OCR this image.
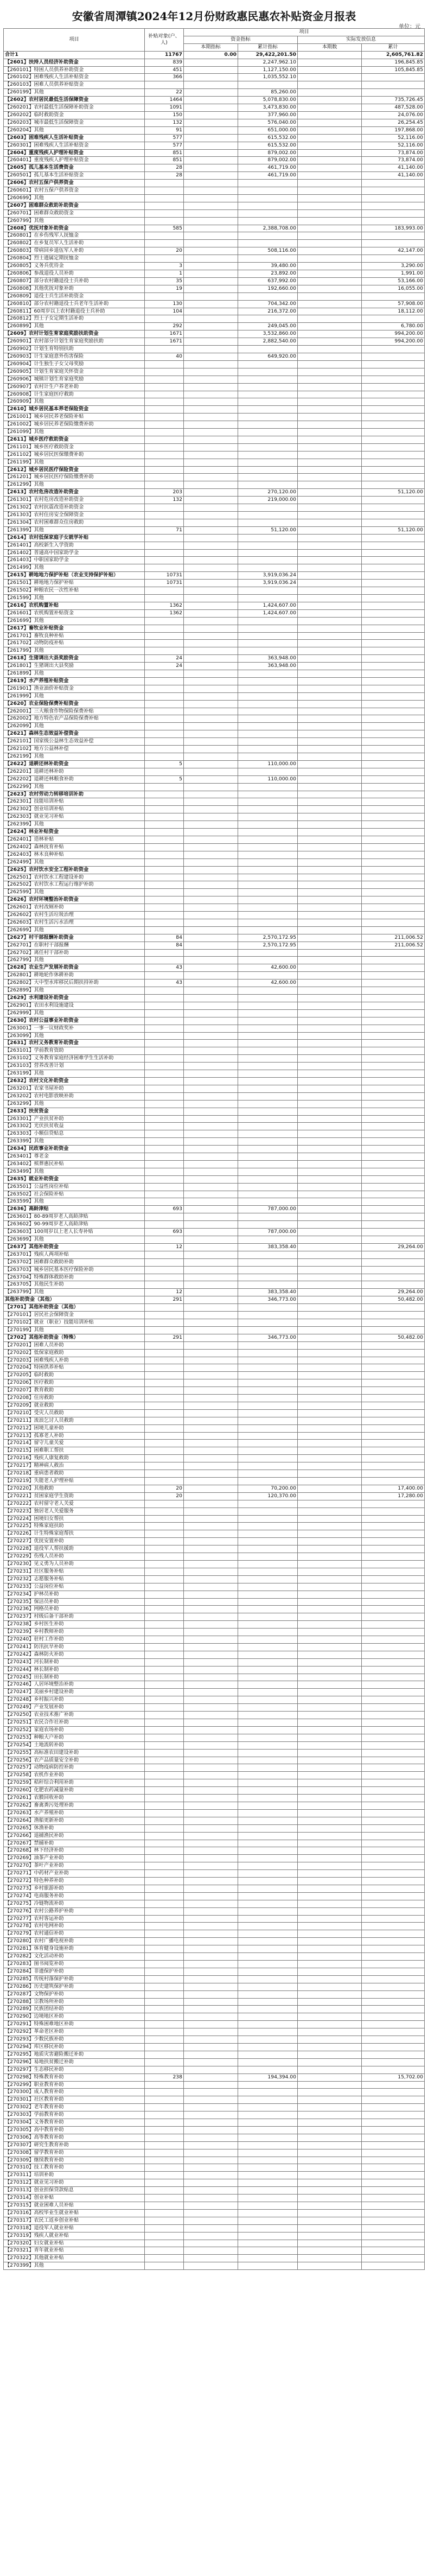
安徽省周潭镇2024年12月份财政惠民惠农补贴资金月报表
单位：元
项目	补贴对象(户、人)	项目			
		资金指标		实际发放信息	
		本期指标	累计指标	本期数	累计
合计1	11767	0.00	29,422,201.50		2,605,761.82
【2601】扶持人员经济补助资金	839		2,247,962.10		196,845.85
【260101】特困人员供养补助资金	451		1,127,150.00		105,845.85
【260102】困难残疾人生活补贴资金	366		1,035,552.10		
【260103】困难人员供养补贴资金					
【260199】其他	22		85,260.00		
【2602】农村居民最低生活保障资金	1464		5,078,830.00		735,726.45
【260201】农村最低生活保障补助资金	1091		3,473,830.00		487,528.00
【260202】临时救助资金	150		377,960.00		24,076.00
【260203】城市最低生活保障资金	132		576,040.00		26,254.45
【260204】其他	91		651,000.00		197,868.00
【2603】困难残疾人生活补贴资金	577		615,532.00		52,116.00
【260301】困难残疾人生活补贴资金	577		615,532.00		52,116.00
【2604】重度残疾人护理补贴资金	851		879,002.00		73,874.00
【260401】重度残疾人护理补贴资金	851		879,002.00		73,874.00
【2605】孤儿基本生活费资金	28		461,719.00		41,140.00
【260501】孤儿基本生活补贴资金	28		461,719.00		41,140.00
【2606】农村五保户供养资金					
【260601】农村五保户供养资金					
【260699】其他					
【2607】困难群众救助补助资金					
【260701】困难群众救助资金					
【260799】其他					
【2608】优抚对象补助资金	585		2,388,708.00		183,993.00
【260801】在乡伤残军人抚恤金					
【260802】在乡复员军人生活补助					
【260803】带病回乡退伍军人补助	20		508,116.00		42,147.00
【260804】烈士遗属定期抚恤金					
【260805】义务兵优待金	3		39,480.00		3,290.00
【260806】参战退役人员补助	1		23,892.00		1,991.00
【260807】部分农村籍退役士兵补助	35		637,992.00		53,166.00
【260808】其他优抚对象补助	19		192,660.00		16,055.00
【260809】退役士兵生活补助资金					
【260810】部分农村籍退役士兵老年生活补助	130		704,342.00		57,908.00
【260811】60周岁以上农村籍退役士兵补助	104		216,372.00		18,112.00
【260812】烈士子女定期生活补助					
【260899】其他	292		249,045.00		6,780.00
【2609】农村计划生育家庭奖励扶助资金	1671		3,532,860.00		994,200.00
【260901】农村部分计划生育家庭奖励扶助	1671		2,882,540.00		994,200.00
【260902】计划生育特别扶助					
【260903】计生家庭意外伤害保险	40		649,920.00		
【260904】计生独生子女父母奖励					
【260905】计划生育家庭关怀资金					
【260906】城镇计划生育家庭奖励					
【260907】农村计生户养老补助					
【260908】计生家庭医疗救助					
【260909】其他					
【2610】城乡居民基本养老保险资金					
【261001】城乡居民养老保险补贴					
【261002】城乡居民养老保险缴费补助					
【261099】其他					
【2611】城乡医疗救助资金					
【261101】城乡医疗救助资金					
【261102】城乡居民医保缴费补助					
【261199】其他					
【2612】城乡居民医疗保险资金					
【261201】城乡居民医疗保险缴费补助					
【261299】其他					
【2613】农村危房改造补助资金	203		270,120.00		51,120.00
【261301】农村危房改造补助资金	132		219,000.00		
【261302】农村抗震改造补助资金					
【261303】农村住房安全保障资金					
【261304】农村困难群众住房救助					
【261399】其他	71		51,120.00		51,120.00
【2614】农村低保家庭子女就学补贴					
【261401】高校新生入学资助					
【261402】普通高中国家助学金					
【261403】中职国家助学金					
【261499】其他					
【2615】耕地地力保护补贴（农业支持保护补贴）	10731		3,919,036.24		
【261501】耕地地力保护补贴	10731		3,919,036.24		
【261502】种粮农民一次性补贴					
【261599】其他					
【2616】农机购置补贴	1362		1,424,607.00		
【261601】农机购置补贴资金	1362		1,424,607.00		
【261699】其他					
【2617】畜牧业补贴资金					
【261701】畜牧良种补贴					
【261702】动物防疫补贴					
【261799】其他					
【2618】生猪调出大县奖励资金	24		363,948.00		
【261801】生猪调出大县奖励	24		363,948.00		
【261899】其他					
【2619】水产养殖补贴资金					
【261901】渔业油价补贴资金					
【261999】其他					
【2620】农业保险保费补贴资金					
【262001】三大粮食作物保险保费补贴					
【262002】地方特色农产品保险保费补贴					
【262099】其他					
【2621】森林生态效益补偿资金					
【262101】国家级公益林生态效益补偿					
【262102】地方公益林补偿					
【262199】其他					
【2622】退耕还林补助资金	5		110,000.00		
【262201】退耕还林补助					
【262202】退耕还林粮食补助	5		110,000.00		
【262299】其他					
【2623】农村劳动力转移培训补助					
【262301】技能培训补贴					
【262302】创业培训补贴					
【262303】就业见习补贴					
【262399】其他					
【2624】林业补贴资金					
【262401】造林补贴					
【262402】森林抚育补贴					
【262403】林木良种补贴					
【262499】其他					
【2625】农村饮水安全工程补助资金					
【262501】农村饮水工程建设补助					
【262502】农村饮水工程运行维护补助					
【262599】其他					
【2626】农村环境整治补助资金					
【262601】农村改厕补助					
【262602】农村生活垃圾治理					
【262603】农村生活污水治理					
【262699】其他					
【2627】村干部报酬补助资金	84		2,570,172.95		211,006.52
【262701】在职村干部报酬	84		2,570,172.95		211,006.52
【262702】离任村干部补助					
【262799】其他					
【2628】农业生产发展补助资金	43		42,600.00		
【262801】耕地轮作休耕补助					
【262802】大中型水库移民后期扶持补助	43		42,600.00		
【262899】其他					
【2629】水利建设补助资金					
【262901】农田水利设施建设					
【262999】其他					
【2630】农村公益事业补助资金					
【263001】一事一议财政奖补					
【263099】其他					
【2631】农村义务教育补助资金					
【263101】学前教育资助					
【263102】义务教育家庭经济困难学生生活补助					
【263103】营养改善计划					
【263199】其他					
【2632】农村文化补助资金					
【263201】农家书屋补助					
【263202】农村电影放映补助					
【263299】其他					
【2633】扶贫资金					
【263301】产业扶贫补助					
【263302】光伏扶贫收益					
【263303】小额信贷贴息					
【263399】其他					
【2634】民政事业补助资金					
【263401】尊老金					
【263402】殡葬惠民补贴					
【263499】其他					
【2635】就业补助资金					
【263501】公益性岗位补贴					
【263502】社会保险补贴					
【263599】其他					
【2636】高龄津贴	693		787,000.00		
【263601】80-89周岁老人高龄津贴					
【263602】90-99周岁老人高龄津贴					
【263603】100周岁以上老人长寿补贴	693		787,000.00		
【263699】其他					
【2637】其他补助资金	12		383,358.40		29,264.00
【263701】残疾人两项补贴					
【263702】困难群众救助补助					
【263703】城乡居民基本医疗保险补助					
【263704】特殊群体救助补助					
【263705】其他民生补助					
【263799】其他	12		383,358.40		29,264.00
其他补助资金（其他）	291		346,773.00		50,482.00
【2701】其他补助资金（其他）					
【270101】居民社会保障资金					
【270102】就业（职业）技能培训补贴					
【270199】其他					
【2702】其他补助资金（特殊）	291		346,773.00		50,482.00
【270201】困难人员补助					
【270202】低保家庭救助					
【270203】困难残疾人补助					
【270204】特困供养补贴					
【270205】临时救助					
【270206】医疗救助					
【270207】教育救助					
【270208】住房救助					
【270209】就业救助					
【270210】受灾人员救助					
【270211】流浪乞讨人员救助					
【270212】困境儿童补助					
【270213】孤寡老人补助					
【270214】留守儿童关爱					
【270215】困难职工帮扶					
【270216】残疾人康复救助					
【270217】精神病人救治					
【270218】重病患者救助					
【270219】失能老人护理补贴					
【270220】其他救助	20		70,200.00		17,400.00
【270221】贫困家庭学生资助	20		120,370.00		17,280.00
【270222】农村留守老人关爱					
【270223】独居老人关爱服务					
【270224】困境妇女帮扶					
【270225】特殊家庭扶助					
【270226】计生特殊家庭帮扶					
【270227】优抚安置补助					
【270228】退役军人帮扶援助					
【270229】伤残人员补助					
【270230】见义勇为人员补助					
【270231】社区服务补贴					
【270232】志愿服务补贴					
【270233】公益岗位补贴					
【270234】护林员补助					
【270235】保洁员补助					
【270236】网格员补助					
【270237】村级后备干部补助					
【270238】乡村医生补助					
【270239】乡村教师补助					
【270240】驻村工作补助					
【270241】防汛抗旱补助					
【270242】森林防火补助					
【270243】河长制补助					
【270244】林长制补助					
【270245】田长制补助					
【270246】人居环境整治补助					
【270247】美丽乡村建设补助					
【270248】乡村振兴补助					
【270249】产业发展补助					
【270250】农业技术推广补助					
【270251】农民合作社补助					
【270252】家庭农场补助					
【270253】种粮大户补助					
【270254】土地流转补助					
【270255】高标准农田建设补助					
【270256】农产品质量安全补助					
【270257】动物疫病防控补助					
【270258】农机作业补助					
【270259】秸秆综合利用补助					
【270260】化肥农药减量补助					
【270261】农膜回收补助					
【270262】畜禽粪污处理补助					
【270263】水产养殖补助					
【270264】渔船更新补助					
【270265】休渔补助					
【270266】退捕渔民补助					
【270267】禁捕补助					
【270268】林下经济补助					
【270269】油茶产业补助					
【270270】茶叶产业补助					
【270271】中药材产业补助					
【270272】特色种养补助					
【270273】乡村旅游补助					
【270274】电商服务补助					
【270275】冷链物流补助					
【270276】农村公路养护补助					
【270277】农村客运补助					
【270278】农村电网补助					
【270279】农村通信补助					
【270280】农村广播电视补助					
【270281】体育健身设施补助					
【270282】文化活动补助					
【270283】图书阅览补助					
【270284】非遗保护补助					
【270285】传统村落保护补助					
【270286】历史建筑保护补助					
【270287】文物保护补助					
【270288】宗教场所补助					
【270289】民族团结补助					
【270290】边境地区补助					
【270291】特殊困难地区补助					
【270292】革命老区补助					
【270293】少数民族补助					
【270294】库区移民补助					
【270295】地质灾害避险搬迁补助					
【270296】易地扶贫搬迁补助					
【270297】生态移民补助					
【270298】特殊教育补助	238		194,394.00		15,702.00
【270299】职业教育补助					
【270300】成人教育补助					
【270301】社区教育补助					
【270302】老年教育补助					
【270303】学前教育补助					
【270304】义务教育补助					
【270305】高中教育补助					
【270306】高等教育补助					
【270307】研究生教育补助					
【270308】留学教育补助					
【270309】继续教育补助					
【270310】技工教育补助					
【270311】培训补助					
【270312】就业见习补助					
【270313】创业担保贷款贴息					
【270314】创业补贴					
【270315】就业困难人员补贴					
【270316】高校毕业生就业补贴					
【270317】农民工返乡创业补贴					
【270318】退役军人就业补贴					
【270319】残疾人就业补贴					
【270320】妇女就业补贴					
【270321】青年就业补贴					
【270322】其他就业补贴					
【270399】其他					
